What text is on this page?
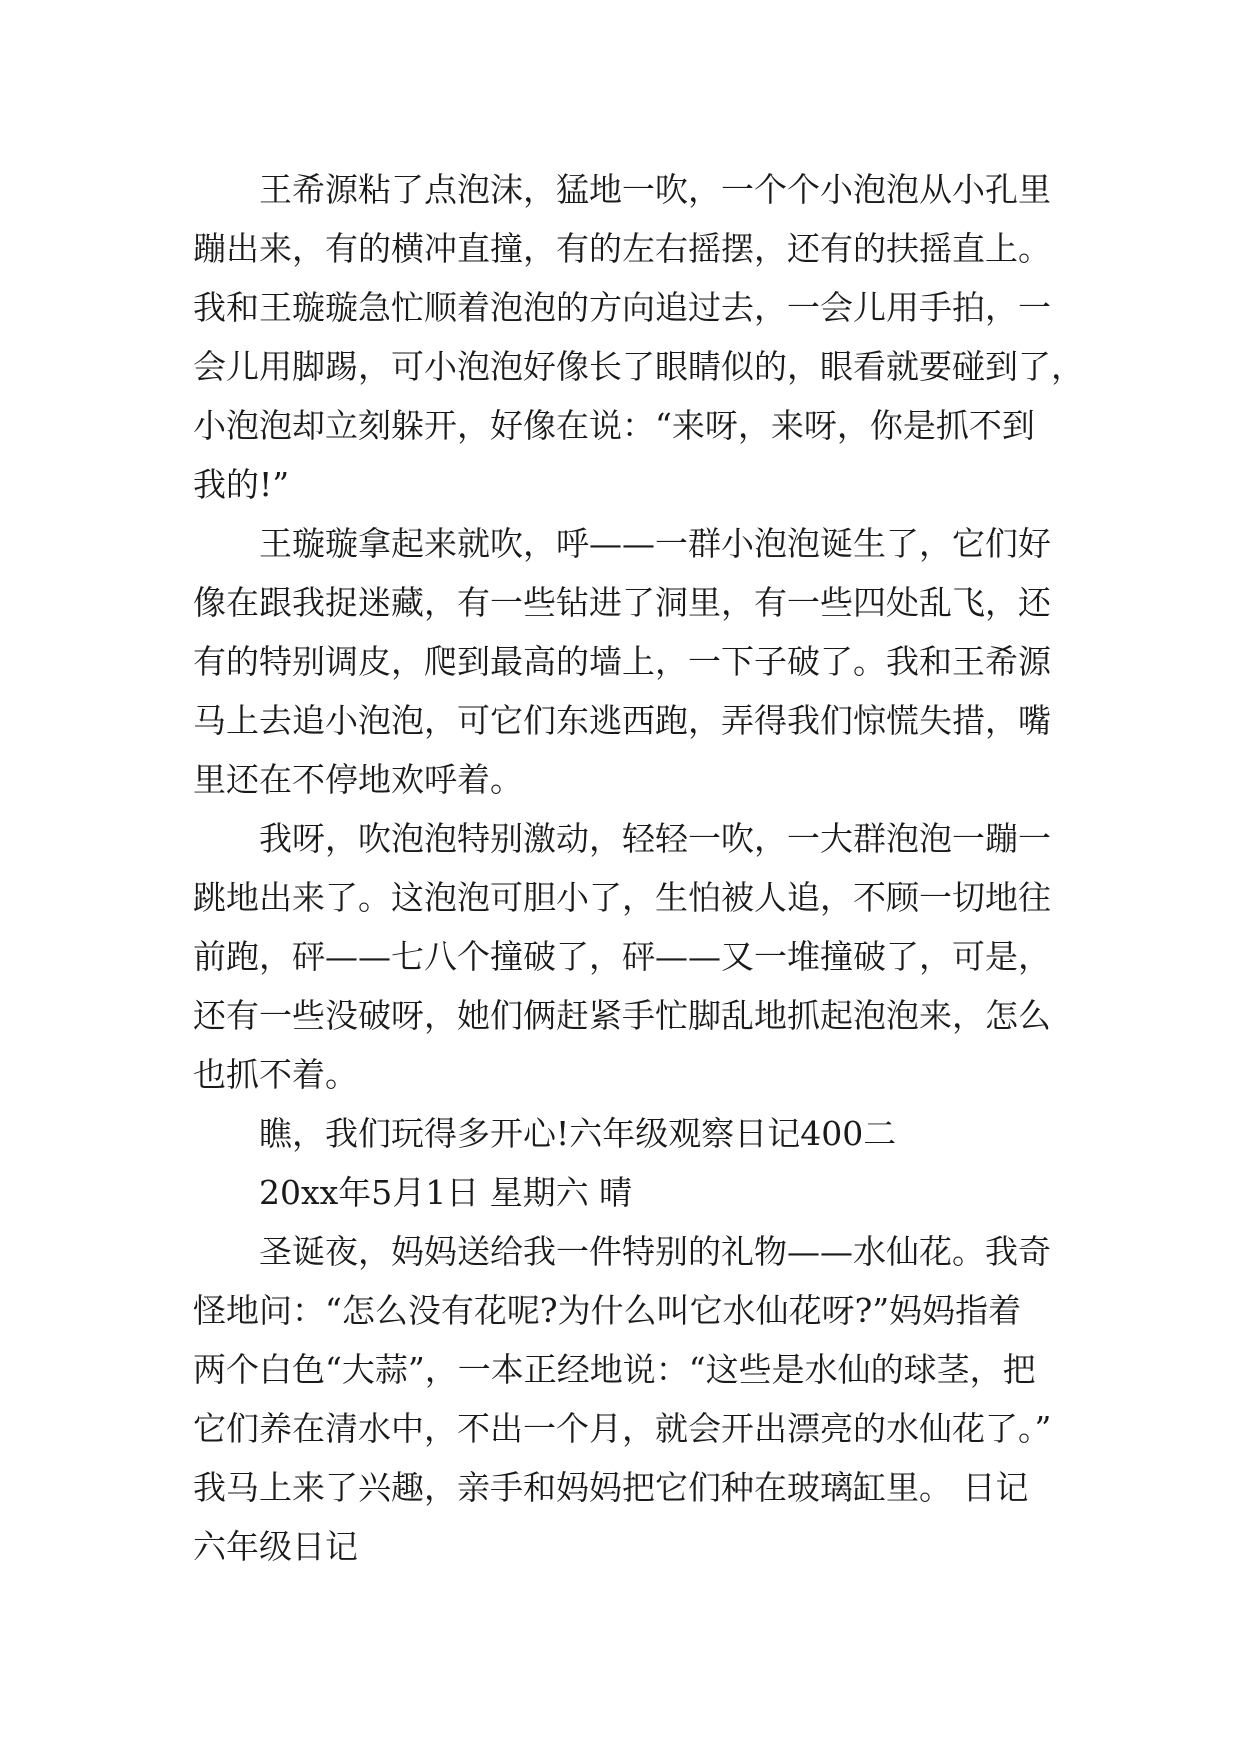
王希源粘了点泡沫，猛地一吹，一个个小泡泡从小孔里
蹦出来，有的横冲直撞，有的左右摇摆，还有的扶摇直上。
我和王璇璇急忙顺着泡泡的方向追过去，一会儿用手拍，一
会儿用脚踢，可小泡泡好像长了眼睛似的，眼看就要碰到了，
小泡泡却立刻躲开，好像在说：“来呀，来呀，你是抓不到
我的!”
王璇璇拿起来就吹，呼——一群小泡泡诞生了，它们好
像在跟我捉迷藏，有一些钻进了洞里，有一些四处乱飞，还
有的特别调皮，爬到最高的墙上，一下子破了。我和王希源
马上去追小泡泡，可它们东逃西跑，弄得我们惊慌失措，嘴
里还在不停地欢呼着。
我呀，吹泡泡特别激动，轻轻一吹，一大群泡泡一蹦一
跳地出来了。这泡泡可胆小了，生怕被人追，不顾一切地往
前跑，砰——七八个撞破了，砰——又一堆撞破了，可是，
还有一些没破呀，她们俩赶紧手忙脚乱地抓起泡泡来，怎么
也抓不着。
瞧，我们玩得多开心!六年级观察日记400二
20xx年5月1日 星期六 晴
圣诞夜，妈妈送给我一件特别的礼物——水仙花。我奇
怪地问：“怎么没有花呢?为什么叫它水仙花呀?”妈妈指着
两个白色“大蒜”，一本正经地说：“这些是水仙的球茎，把
它们养在清水中，不出一个月，就会开出漂亮的水仙花了。”
我马上来了兴趣，亲手和妈妈把它们种在玻璃缸里。 日记
六年级日记
